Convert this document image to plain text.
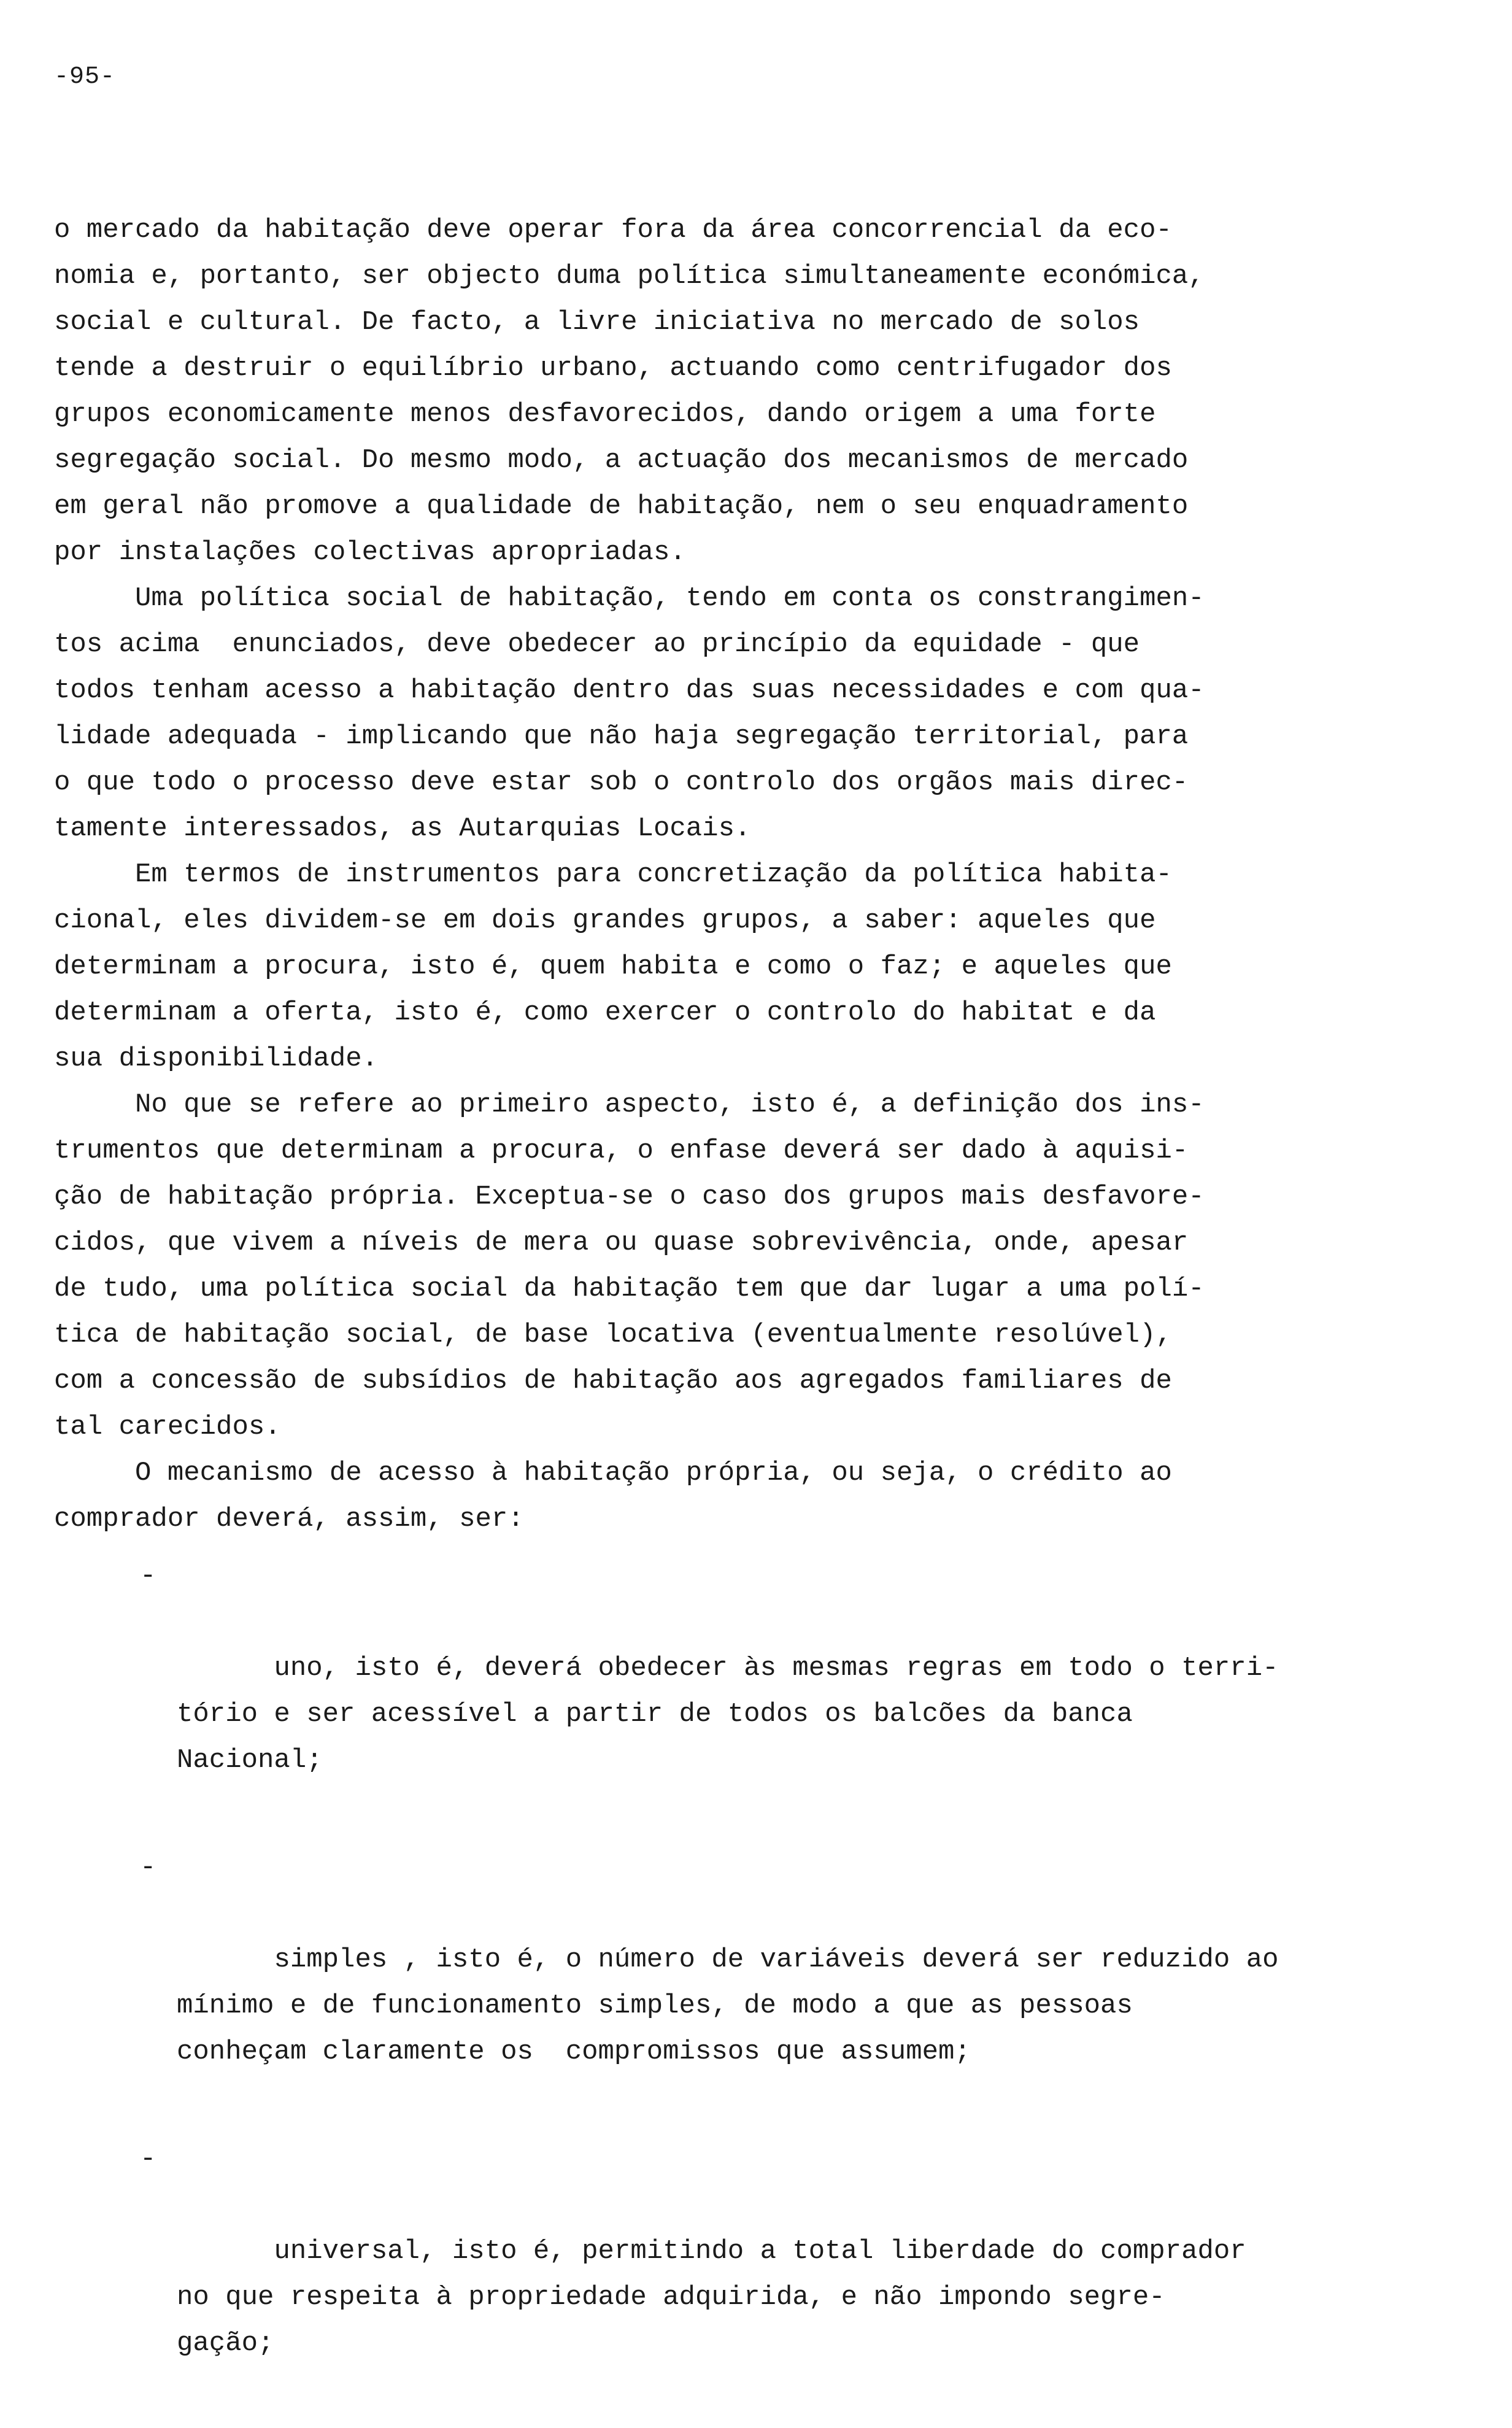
-95-

o mercado da habitação deve operar fora da área concorrencial da eco-
nomia e, portanto, ser objecto duma política simultaneamente económica,
social e cultural. De facto, a livre iniciativa no mercado de solos
tende a destruir o equilíbrio urbano, actuando como centrifugador dos
grupos economicamente menos desfavorecidos, dando origem a uma forte
segregação social. Do mesmo modo, a actuação dos mecanismos de mercado
em geral não promove a qualidade de habitação, nem o seu enquadramento
por instalações colectivas apropriadas.

Uma política social de habitação, tendo em conta os constrangimen-
tos acima  enunciados, deve obedecer ao princípio da equidade - que
todos tenham acesso a habitação dentro das suas necessidades e com qua-
lidade adequada - implicando que não haja segregação territorial, para
o que todo o processo deve estar sob o controlo dos orgãos mais direc-
tamente interessados, as Autarquias Locais.

Em termos de instrumentos para concretização da política habita-
cional, eles dividem-se em dois grandes grupos, a saber: aqueles que
determinam a procura, isto é, quem habita e como o faz; e aqueles que
determinam a oferta, isto é, como exercer o controlo do habitat e da
sua disponibilidade.

No que se refere ao primeiro aspecto, isto é, a definição dos ins-
trumentos que determinam a procura, o enfase deverá ser dado à aquisi-
ção de habitação própria. Exceptua-se o caso dos grupos mais desfavore-
cidos, que vivem a níveis de mera ou quase sobrevivência, onde, apesar
de tudo, uma política social da habitação tem que dar lugar a uma polí-
tica de habitação social, de base locativa (eventualmente resolúvel),
com a concessão de subsídios de habitação aos agregados familiares de
tal carecidos.

O mecanismo de acesso à habitação própria, ou seja, o crédito ao
comprador deverá, assim, ser:

-

uno, isto é, deverá obedecer às mesmas regras em todo o terri-
tório e ser acessível a partir de todos os balcões da banca
Nacional;

-

simples , isto é, o número de variáveis deverá ser reduzido ao
mínimo e de funcionamento simples, de modo a que as pessoas
conheçam claramente os  compromissos que assumem;

-

universal, isto é, permitindo a total liberdade do comprador
no que respeita à propriedade adquirida, e não impondo segre-
gação;
